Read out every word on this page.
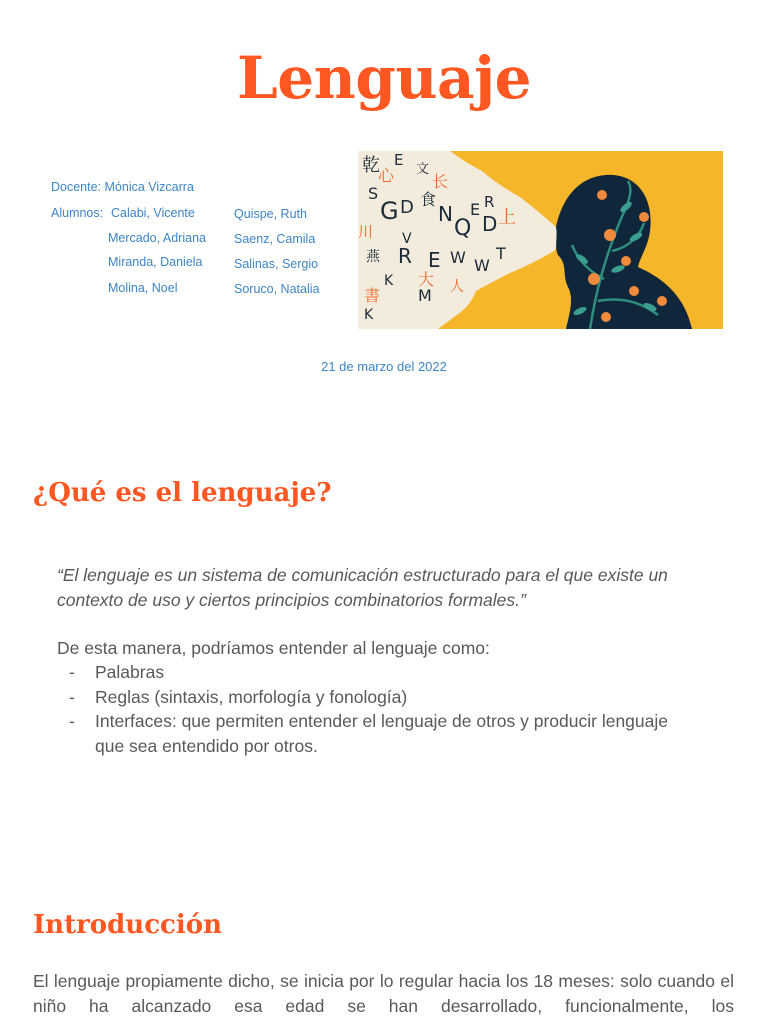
Lenguaje
Docente: Mónica Vizcarra
Alumnos: Calabi, Vicente
Mercado, Adriana
Miranda, Daniela
Molina, Noel
Quispe, Ruth
Saenz, Camila
Salinas, Sergio
Soruco, Natalia
乾 E
文
S
G D 食
N
Q
E R
D
V
R
燕 E W W
T
K
M
K
心 长
上
川
大
書	人
21 de marzo del 2022
¿Qué es el lenguaje?

“El lenguaje es un sistema de comunicación estructurado para el que existe un contexto de uso y ciertos principios combinatorios formales.”

De esta manera, podríamos entender al lenguaje como:

- Palabras
- Reglas (sintaxis, morfología y fonología)
- Interfaces: que permiten entender el lenguaje de otros y producir lenguaje que sea entendido por otros.
Introducción

El lenguaje propiamente dicho, se inicia por lo regular hacia los 18 meses: solo cuando el niño ha alcanzado esa edad se han desarrollado, funcionalmente, los
